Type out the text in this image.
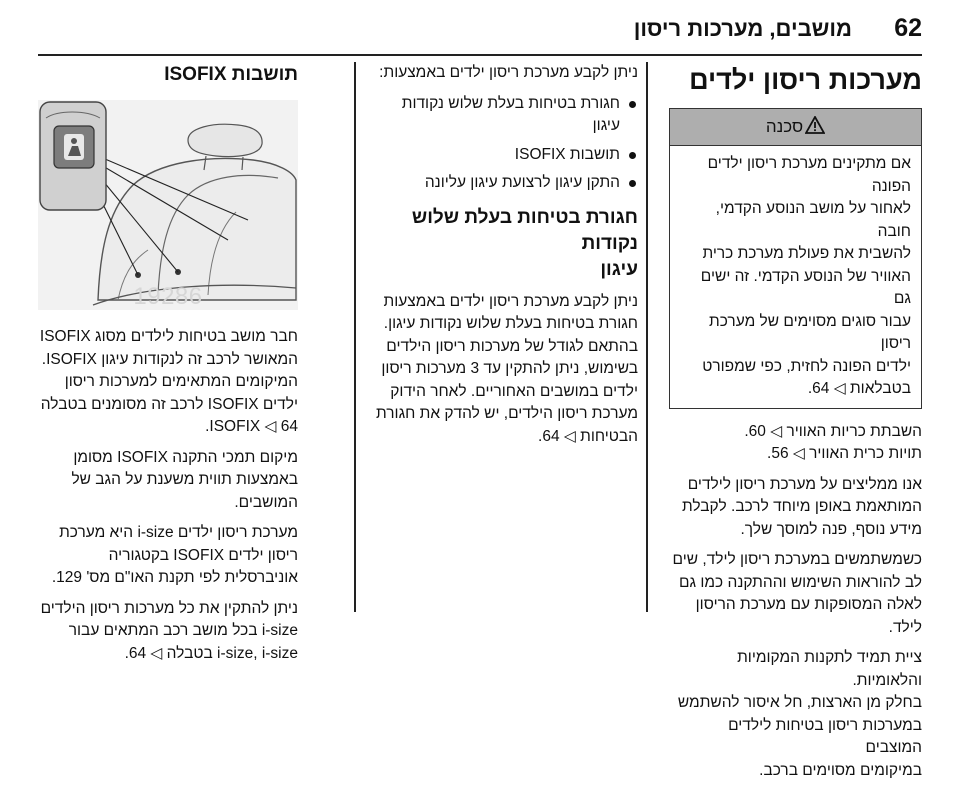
62
מושבים, מערכות ריסון
מערכות ריסון ילדים
סכנה
אם מתקינים מערכת ריסון ילדים הפונה
לאחור על מושב הנוסע הקדמי, חובה
להשבית את פעולת מערכת כרית
האוויר של הנוסע הקדמי. זה ישים גם
עבור סוגים מסוימים של מערכת ריסון
ילדים הפונה לחזית, כפי שמפורט
בטבלאות ◁ 64.

השבתת כריות האוויר ◁ 60.
תויות כרית האוויר ◁ 56.

אנו ממליצים על מערכת ריסון לילדים
המותאמת באופן מיוחד לרכב. לקבלת
מידע נוסף, פנה למוסך שלך.

כשמשתמשים במערכת ריסון לילד, שים
לב להוראות השימוש וההתקנה כמו גם
לאלה המסופקות עם מערכת הריסון לילד.

ציית תמיד לתקנות המקומיות והלאומיות.
בחלק מן הארצות, חל איסור להשתמש
במערכות ריסון בטיחות לילדים המוצבים
במיקומים מסוימים ברכב.

ניתן לקבע מערכת ריסון ילדים באמצעות:

חגורת בטיחות בעלת שלוש נקודות
עיגון
תושבות ISOFIX
התקן עיגון לרצועת עיגון עליונה
חגורת בטיחות בעלת שלוש נקודות
עיגון

ניתן לקבע מערכת ריסון ילדים באמצעות
חגורת בטיחות בעלת שלוש נקודות עיגון.
בהתאם לגודל של מערכות ריסון הילדים
בשימוש, ניתן להתקין עד 3 מערכות ריסון
ילדים במושבים האחוריים. לאחר הידוק
מערכת ריסון הילדים, יש להדק את חגורת
הבטיחות ◁ 64.

תושבות ISOFIX
19286

חבר מושב בטיחות לילדים מסוג ISOFIX
המאושר לרכב זה לנקודות עיגון ISOFIX.
המיקומים המתאימים למערכות ריסון
ילדים ISOFIX לרכב זה מסומנים בטבלה
ISOFIX ◁ 64.

מיקום תמכי התקנה ISOFIX מסומן
באמצעות תווית משענת על הגב של
המושבים.

מערכת ריסון ילדים i-size היא מערכת
ריסון ילדים ISOFIX בקטגוריה
אוניברסלית לפי תקנת האו"ם מס' 129.

ניתן להתקין את כל מערכות ריסון הילדים
i-size בכל מושב רכב המתאים עבור
i-size, i-size בטבלה ◁ 64.
